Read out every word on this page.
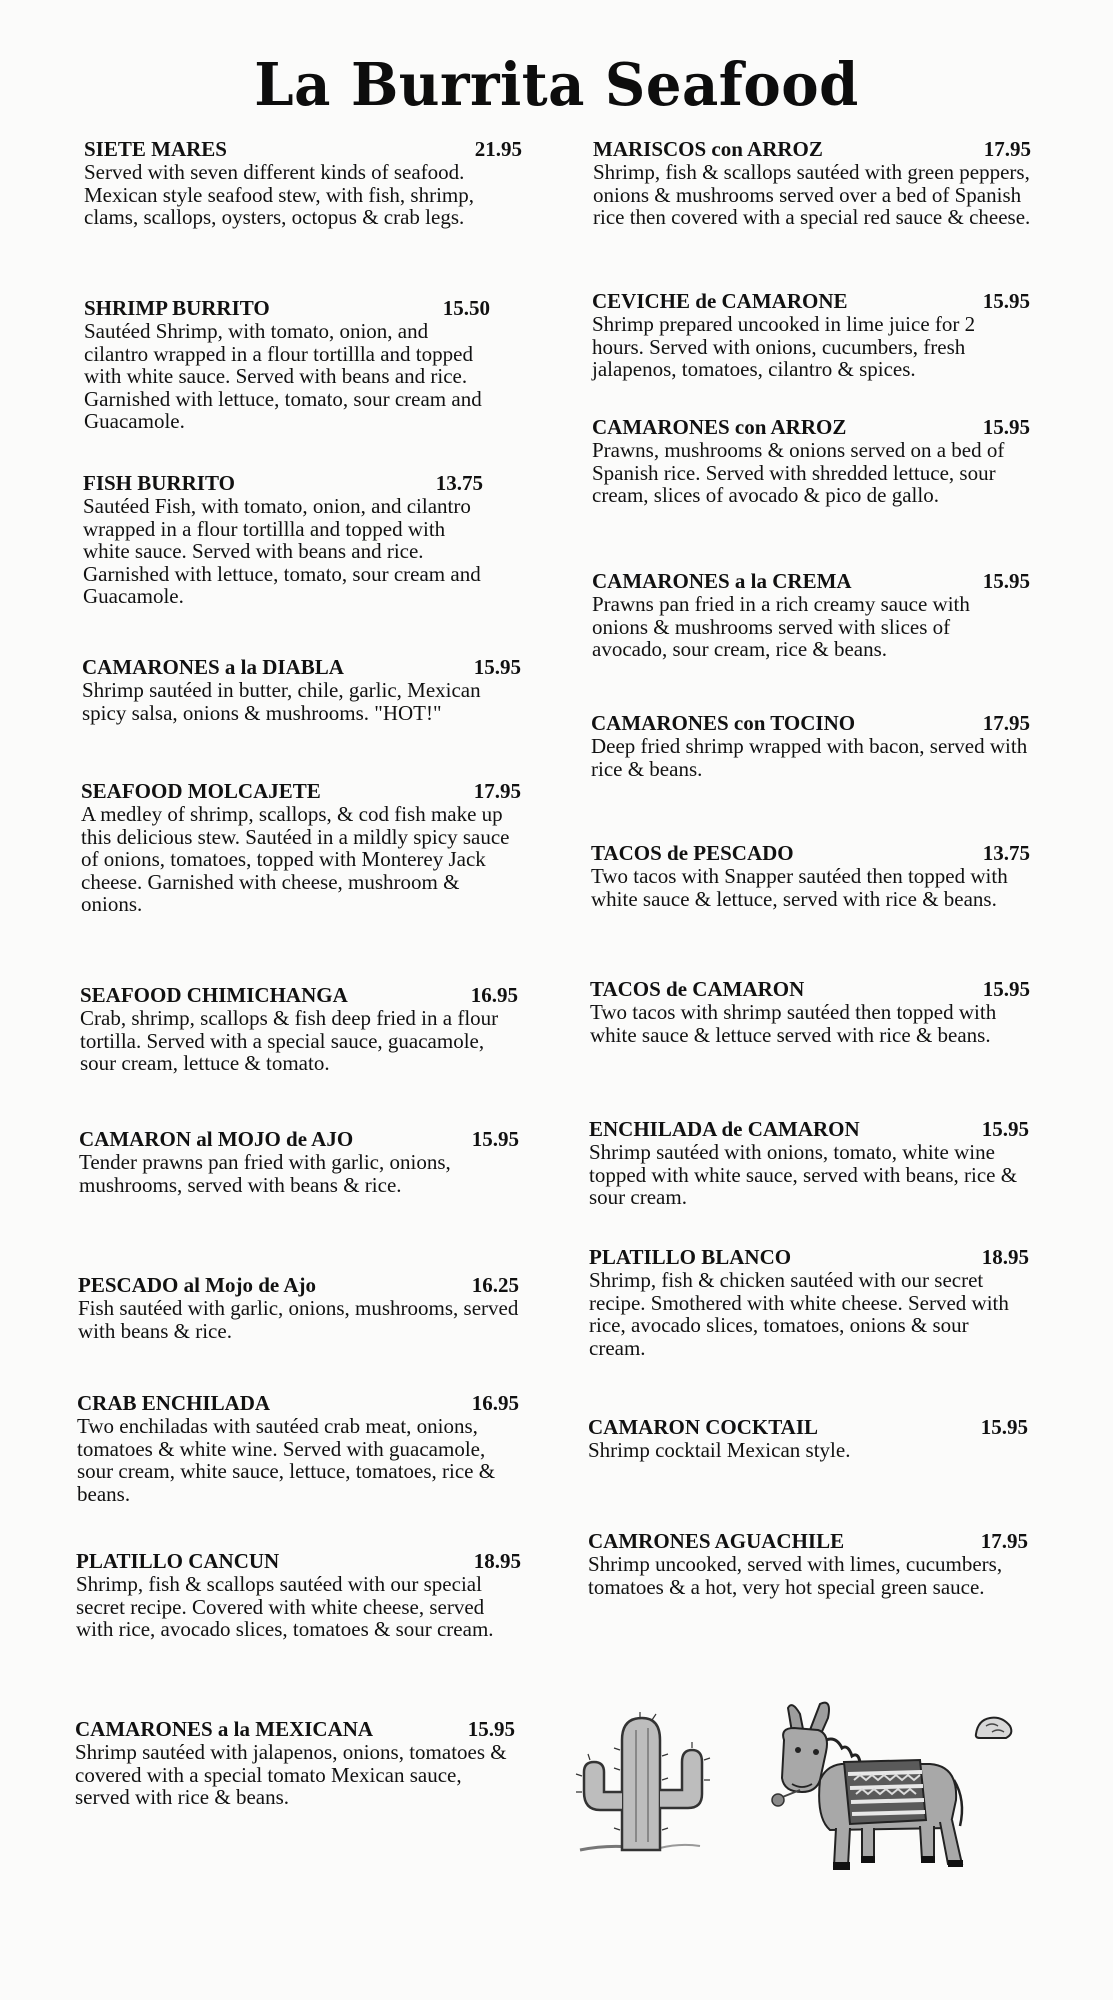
La Burrita Seafood
SIETE MARES	21.95
Served with seven different kinds of seafood. Mexican style seafood stew, with fish, shrimp, clams, scallops, oysters, octopus & crab legs.
SHRIMP BURRITO	15.50
Sautéed Shrimp, with tomato, onion, and cilantro wrapped in a flour tortillla and topped with white sauce. Served with beans and rice. Garnished with lettuce, tomato, sour cream and Guacamole.
FISH BURRITO	13.75
Sautéed Fish, with tomato, onion, and cilantro wrapped in a flour tortillla and topped with white sauce. Served with beans and rice. Garnished with lettuce, tomato, sour cream and Guacamole.
CAMARONES a la DIABLA	15.95
Shrimp sautéed in butter, chile, garlic, Mexican spicy salsa, onions & mushrooms. "HOT!"
SEAFOOD MOLCAJETE	17.95
A medley of shrimp, scallops, & cod fish make up this delicious stew. Sautéed in a mildly spicy sauce of onions, tomatoes, topped with Monterey Jack cheese. Garnished with cheese, mushroom & onions.
SEAFOOD CHIMICHANGA	16.95
Crab, shrimp, scallops & fish deep fried in a flour tortilla. Served with a special sauce, guacamole, sour cream, lettuce & tomato.
CAMARON al MOJO de AJO	15.95
Tender prawns pan fried with garlic, onions, mushrooms, served with beans & rice.
PESCADO al Mojo de Ajo	16.25
Fish sautéed with garlic, onions, mushrooms, served with beans & rice.
CRAB ENCHILADA	16.95
Two enchiladas with sautéed crab meat, onions, tomatoes & white wine. Served with guacamole, sour cream, white sauce, lettuce, tomatoes, rice & beans.
PLATILLO CANCUN	18.95
Shrimp, fish & scallops sautéed with our special secret recipe. Covered with white cheese, served with rice, avocado slices, tomatoes & sour cream.
CAMARONES a la MEXICANA	15.95
Shrimp sautéed with jalapenos, onions, tomatoes & covered with a special tomato Mexican sauce, served with rice & beans.
MARISCOS con ARROZ	17.95
Shrimp, fish & scallops sautéed with green peppers, onions & mushrooms served over a bed of Spanish rice then covered with a special red sauce & cheese.
CEVICHE de CAMARONE	15.95
Shrimp prepared uncooked in lime juice for 2 hours. Served with onions, cucumbers, fresh jalapenos, tomatoes, cilantro & spices.
CAMARONES con ARROZ	15.95
Prawns, mushrooms & onions served on a bed of Spanish rice. Served with shredded lettuce, sour cream, slices of avocado & pico de gallo.
CAMARONES a la CREMA	15.95
Prawns pan fried in a rich creamy sauce with onions & mushrooms served with slices of avocado, sour cream, rice & beans.
CAMARONES con TOCINO	17.95
Deep fried shrimp wrapped with bacon, served with rice & beans.
TACOS de PESCADO	13.75
Two tacos with Snapper sautéed then topped with white sauce & lettuce, served with rice & beans.
TACOS de CAMARON	15.95
Two tacos with shrimp sautéed then topped with white sauce & lettuce served with rice & beans.
ENCHILADA de CAMARON	15.95
Shrimp sautéed with onions, tomato, white wine topped with white sauce, served with beans, rice & sour cream.
PLATILLO BLANCO	18.95
Shrimp, fish & chicken sautéed with our secret recipe. Smothered with white cheese. Served with rice, avocado slices, tomatoes, onions & sour cream.
CAMARON COCKTAIL	15.95
Shrimp cocktail Mexican style.
CAMRONES AGUACHILE	17.95
Shrimp uncooked, served with limes, cucumbers, tomatoes & a hot, very hot special green sauce.
